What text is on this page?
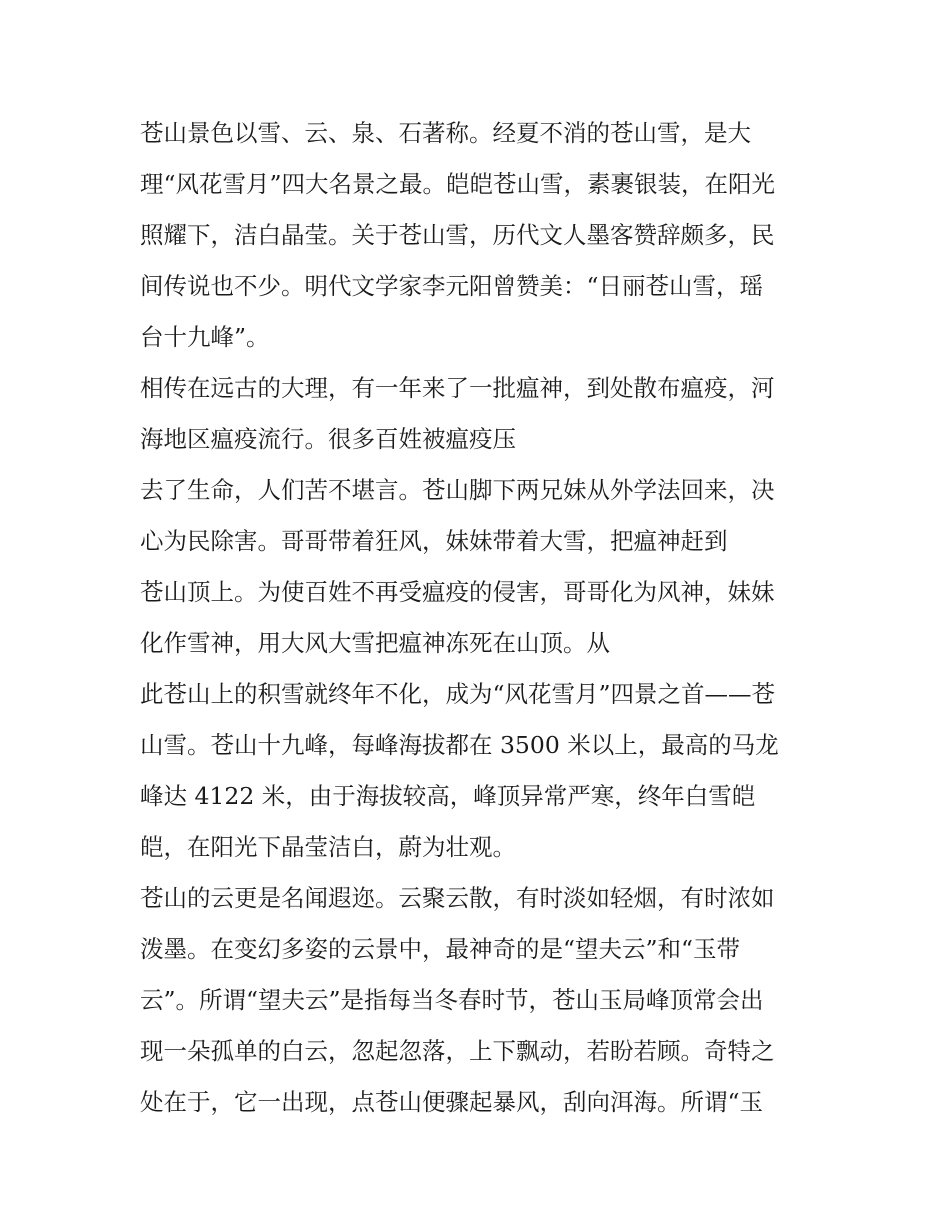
苍山景色以雪、云、泉、石著称。经夏不消的苍山雪，是大
理“风花雪月”四大名景之最。皑皑苍山雪，素裹银装，在阳光
照耀下，洁白晶莹。关于苍山雪，历代文人墨客赞辞颇多，民
间传说也不少。明代文学家李元阳曾赞美：“日丽苍山雪，瑶
台十九峰”。
相传在远古的大理，有一年来了一批瘟神，到处散布瘟疫，河
海地区瘟疫流行。很多百姓被瘟疫压
去了生命，人们苦不堪言。苍山脚下两兄妹从外学法回来，决
心为民除害。哥哥带着狂风，妹妹带着大雪，把瘟神赶到
苍山顶上。为使百姓不再受瘟疫的侵害，哥哥化为风神，妹妹
化作雪神，用大风大雪把瘟神冻死在山顶。从
此苍山上的积雪就终年不化，成为“风花雪月”四景之首——苍
山雪。苍山十九峰，每峰海拔都在 3500 米以上，最高的马龙
峰达 4122 米，由于海拔较高，峰顶异常严寒，终年白雪皑
皑，在阳光下晶莹洁白，蔚为壮观。
苍山的云更是名闻遐迩。云聚云散，有时淡如轻烟，有时浓如
泼墨。在变幻多姿的云景中，最神奇的是“望夫云”和“玉带
云”。所谓“望夫云”是指每当冬春时节，苍山玉局峰顶常会出
现一朵孤单的白云，忽起忽落，上下飘动，若盼若顾。奇特之
处在于，它一出现，点苍山便骤起暴风，刮向洱海。所谓“玉
